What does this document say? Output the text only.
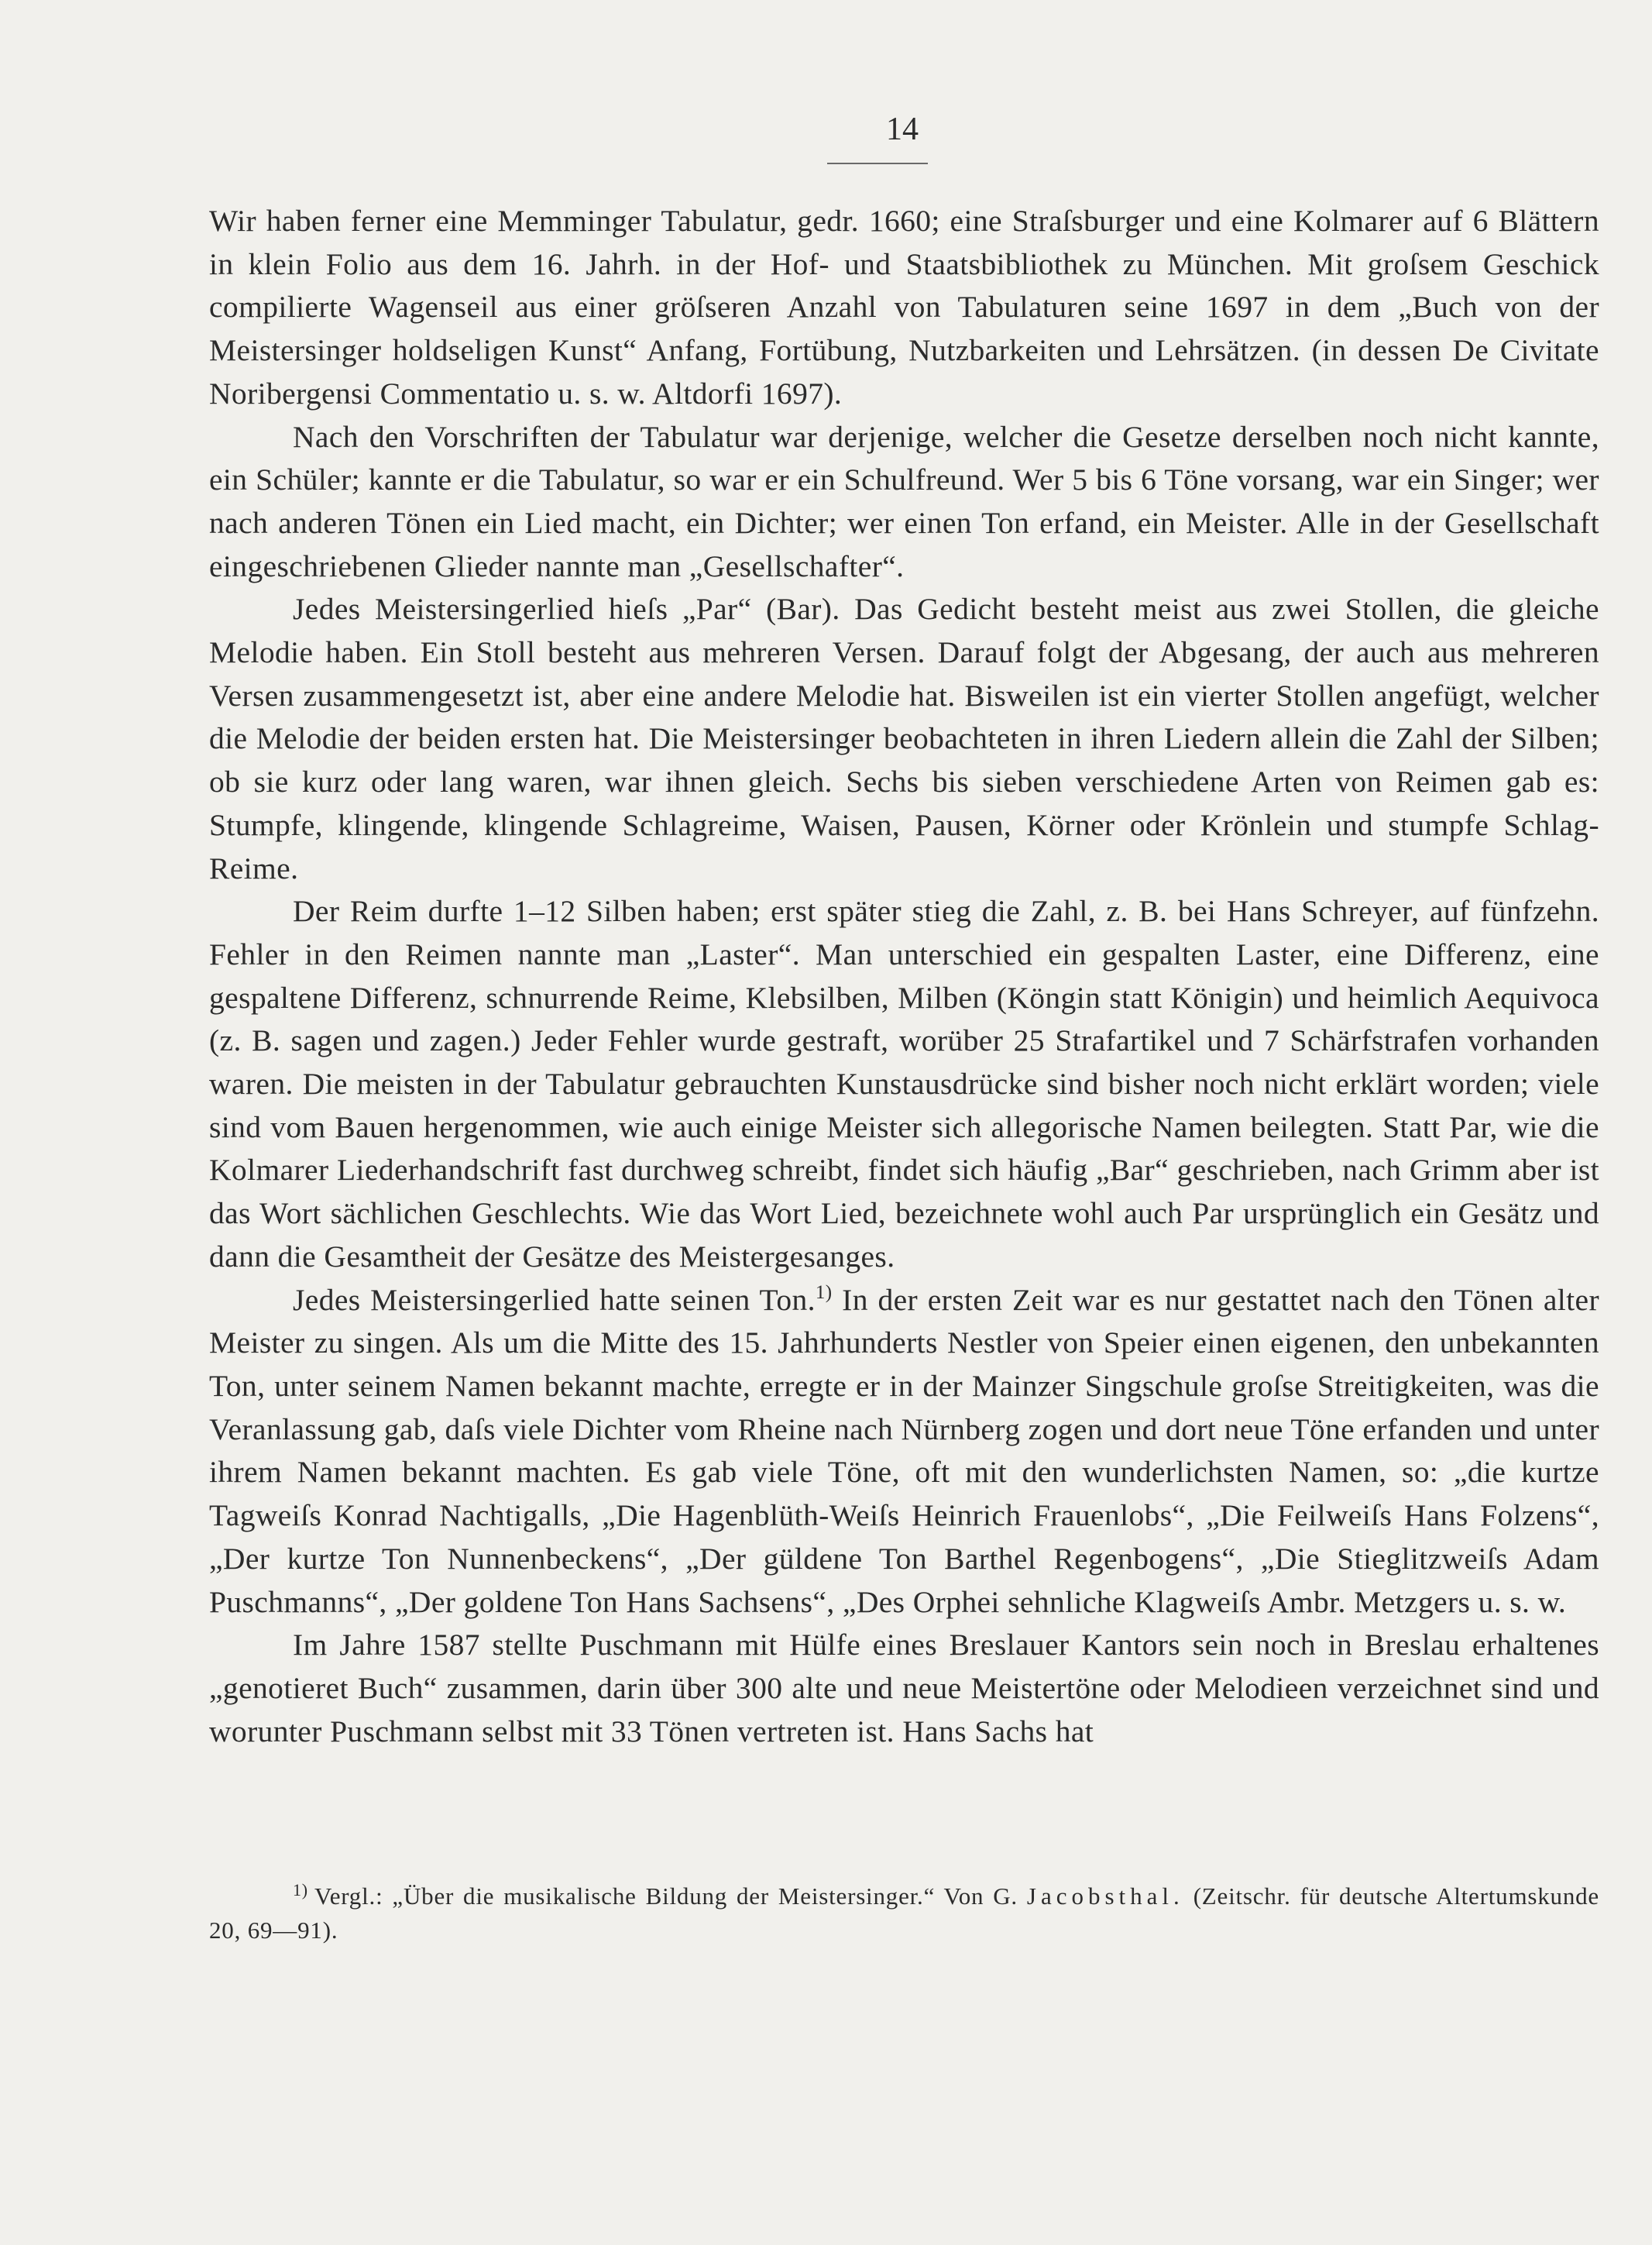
14

Wir haben ferner eine Memminger Tabulatur, gedr. 1660; eine Straſsburger und eine Kolmarer auf 6 Blättern in klein Folio aus dem 16. Jahrh. in der Hof- und Staatsbibliothek zu München. Mit groſsem Geschick compilierte Wagenseil aus einer gröſseren Anzahl von Tabulaturen seine 1697 in dem „Buch von der Meistersinger holdseligen Kunst“ Anfang, Fortübung, Nutzbarkeiten und Lehrsätzen. (in dessen De Civitate Noribergensi Commentatio u. s. w. Altdorfi 1697).

Nach den Vorschriften der Tabulatur war derjenige, welcher die Gesetze derselben noch nicht kannte, ein Schüler; kannte er die Tabulatur, so war er ein Schulfreund. Wer 5 bis 6 Töne vorsang, war ein Singer; wer nach anderen Tönen ein Lied macht, ein Dichter; wer einen Ton erfand, ein Meister. Alle in der Gesellschaft eingeschriebenen Glieder nannte man „Gesellschafter“.

Jedes Meistersingerlied hieſs „Par“ (Bar). Das Gedicht besteht meist aus zwei Stollen, die gleiche Melodie haben. Ein Stoll besteht aus mehreren Versen. Darauf folgt der Abgesang, der auch aus mehreren Versen zusammengesetzt ist, aber eine andere Melodie hat. Bisweilen ist ein vierter Stollen angefügt, welcher die Melodie der beiden ersten hat. Die Meistersinger beobachteten in ihren Liedern allein die Zahl der Silben; ob sie kurz oder lang waren, war ihnen gleich. Sechs bis sieben verschiedene Arten von Reimen gab es: Stumpfe, klingende, klingende Schlagreime, Waisen, Pausen, Körner oder Krönlein und stumpfe Schlag-Reime.

Der Reim durfte 1–12 Silben haben; erst später stieg die Zahl, z. B. bei Hans Schreyer, auf fünfzehn. Fehler in den Reimen nannte man „Laster“. Man unterschied ein gespalten Laster, eine Differenz, eine gespaltene Differenz, schnurrende Reime, Klebsilben, Milben (Köngin statt Königin) und heimlich Aequivoca (z. B. sagen und zagen.) Jeder Fehler wurde gestraft, worüber 25 Strafartikel und 7 Schärfstrafen vorhanden waren. Die meisten in der Tabulatur gebrauchten Kunstausdrücke sind bisher noch nicht erklärt worden; viele sind vom Bauen hergenommen, wie auch einige Meister sich allegorische Namen beilegten. Statt Par, wie die Kolmarer Liederhandschrift fast durchweg schreibt, findet sich häufig „Bar“ geschrieben, nach Grimm aber ist das Wort sächlichen Geschlechts. Wie das Wort Lied, bezeichnete wohl auch Par ursprünglich ein Gesätz und dann die Gesamtheit der Gesätze des Meistergesanges.

Jedes Meistersingerlied hatte seinen Ton.$^{1)}$ In der ersten Zeit war es nur gestattet nach den Tönen alter Meister zu singen. Als um die Mitte des 15. Jahrhunderts Nestler von Speier einen eigenen, den unbekannten Ton, unter seinem Namen bekannt machte, erregte er in der Mainzer Singschule groſse Streitigkeiten, was die Veranlassung gab, daſs viele Dichter vom Rheine nach Nürnberg zogen und dort neue Töne erfanden und unter ihrem Namen bekannt machten. Es gab viele Töne, oft mit den wunderlichsten Namen, so: „die kurtze Tagweiſs Konrad Nachtigalls, „Die Hagenblüth-Weiſs Heinrich Frauenlobs“, „Die Feilweiſs Hans Folzens“, „Der kurtze Ton Nunnenbeckens“, „Der güldene Ton Barthel Regenbogens“, „Die Stieglitzweiſs Adam Puschmanns“, „Der goldene Ton Hans Sachsens“, „Des Orphei sehnliche Klagweiſs Ambr. Metzgers u. s. w.

Im Jahre 1587 stellte Puschmann mit Hülfe eines Breslauer Kantors sein noch in Breslau erhaltenes „genotieret Buch“ zusammen, darin über 300 alte und neue Meistertöne oder Melodieen verzeichnet sind und worunter Puschmann selbst mit 33 Tönen vertreten ist. Hans Sachs hat

$^{1)}$ Vergl.: „Über die musikalische Bildung der Meistersinger.“ Von G. Jacobsthal. (Zeitschr. für deutsche Altertumskunde 20, 69—91).
